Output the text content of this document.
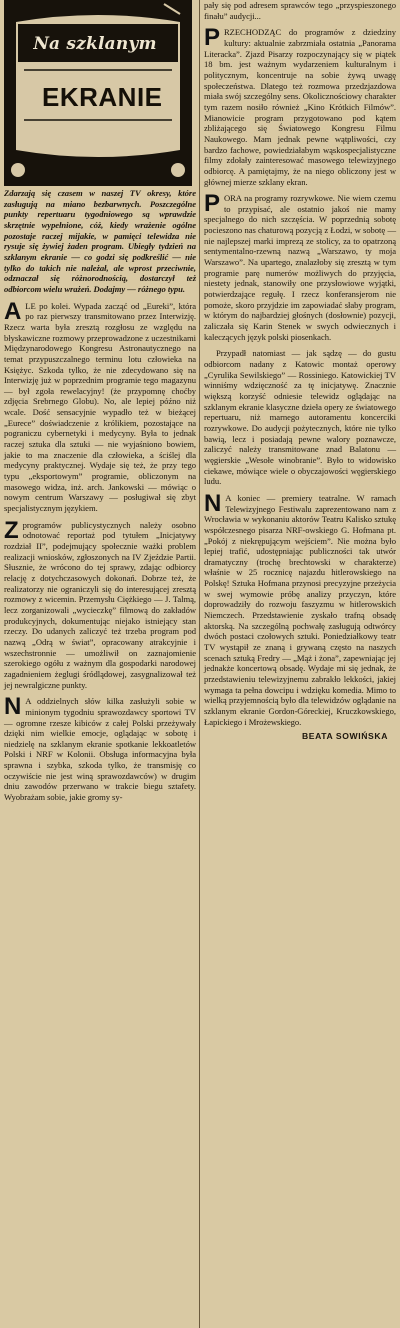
Na szklanym
EKRANIE

Zdarzają się czasem w naszej TV okresy, które zasługują na miano bezbarwnych. Poszczególne punkty repertuaru tygodniowego są wprawdzie skrzętnie wypełnione, cóż, kiedy wrażenie ogólne pozostaje raczej mijakie, w pamięci telewidza nie rysuje się żywiej żaden program. Ubiegły tydzień na szklanym ekranie — co godzi się podkreślić — nie tylko do takich nie należał, ale wprost przeciwnie, odznaczał się różnorodnością, dostarczył też odbiorcom wielu wrażeń. Dodajmy — różnego typu.

ALE po kolei. Wypada zacząć od „Eureki”, która po raz pierwszy transmitowano przez Interwizję. Rzecz warta była zresztą rozgłosu ze względu na błyskawiczne rozmowy przeprowadzone z uczestnikami Międzynarodowego Kongresu Astronautycznego na temat przypuszczalnego terminu lotu człowieka na Księżyc. Szkoda tylko, że nie zdecydowano się na Interwizję już w poprzednim programie tego magazynu — był zgoła rewelacyjny! (że przypomnę choćby zdjęcia Srebrnego Globu). No, ale lepiej późno niż wcale. Dość sensacyjnie wypadło też w bieżącej „Eurece” doświadczenie z królikiem, pozostające na pograniczu cybernetyki i medycyny. Była to jednak raczej sztuka dla sztuki — nie wyjaśniono bowiem, jakie to ma znaczenie dla człowieka, a ściślej dla medycyny praktycznej. Wydaje się też, że przy tego typu „eksportowym” programie, obliczonym na masowego widza, inż. arch. Jankowski — mówiąc o nowym centrum Warszawy — posługiwał się zbyt specjalistycznym językiem.

Zprogramów publicystycznych należy osobno odnotować reportaż pod tytułem „Inicjatywy rozdział II”, podejmujący społecznie ważki problem realizacji wniosków, zgłoszonych na IV Zjeździe Partii. Słusznie, że wrócono do tej sprawy, zdając odbiorcy relację z dotychczasowych dokonań. Dobrze też, że realizatorzy nie ograniczyli się do interesującej zresztą rozmowy z wicemin. Przemysłu Ciężkiego — J. Talmą, lecz zorganizowali „wycieczkę” filmową do zakładów produkcyjnych, dokumentując niejako istniejący stan rzeczy. Do udanych zaliczyć też trzeba program pod nazwą „Odrą w świat”, opracowany atrakcyjnie i wszechstronnie — umożliwił on zaznajomienie szerokiego ogółu z ważnym dla gospodarki narodowej zagadnieniem żeglugi śródlądowej, zasygnalizował też jej newralgiczne punkty.

N A oddzielnych słów kilka zasłużyli sobie w minionym tygodniu sprawozdawcy sportowi TV — ogromne rzesze kibiców z całej Polski przeżywały dzięki nim wielkie emocje, oglądając w sobotę i niedzielę na szklanym ekranie spotkanie lekkoatletów Polski i NRF w Kolonii. Obsługa informacyjna była sprawna i szybka, szkoda tylko, że transmisję co oczywiście nie jest winą sprawozdawców) w drugim dniu zawodów przerwano w trakcie biegu sztafety. Wyobrażam sobie, jakie gromy sy-

pały się pod adresem sprawców tego „przyspieszonego finału” audycji...

PRZECHODZĄC do programów z dziedziny kultury: aktualnie zabrzmiała ostatnia „Panorama Literacka”. Zjazd Pisarzy rozpoczynający się w piątek 18 bm. jest ważnym wydarzeniem kulturalnym i politycznym, koncentruje na sobie żywą uwagę społeczeństwa. Dlatego też rozmowa przedzjazdowa miała swój szczególny sens. Okolicznościowy charakter tym razem nosiło również „Kino Krótkich Filmów”. Mianowicie program przygotowano pod kątem zbliżającego się Światowego Kongresu Filmu Naukowego. Mam jednak pewne wątpliwości, czy bardzo fachowe, powiedziałabym wąskospecjalistyczne filmy zdołały zainteresować masowego telewizyjnego odbiorcę. A pamiętajmy, że na niego obliczony jest w głównej mierze szklany ekran.

PORA na programy rozrywkowe. Nie wiem czemu to przypisać, ale ostatnio jakoś nie mamy specjalnego do nich szczęścia. W poprzednią sobotę pocieszono nas chaturową pozycją z Łodzi, w sobotę — nie najlepszej marki imprezą ze stolicy, za to opatrzoną sentymentalno-rzewną nazwą „Warszawo, ty moja Warszawo”. Na upartego, znalazłoby się zresztą w tym programie parę numerów możliwych do przyjęcia, niestety jednak, stanowiły one przysłowiowe wyjątki, potwierdzające regułę. I rzecz konferansjerom nie pomoże, skoro przyjdzie im zapowiadać słaby program, w którym do najbardziej głośnych (dosłownie) pozycji, zaliczała się Karin Stenek w swych odwiecznych i kaleczących język polski piosenkach.

Przypadł natomiast — jak sądzę — do gustu odbiorcom nadany z Katowic montaż operowy „Cyrulika Sewilskiego” — Rossiniego. Katowickiej TV winniśmy wdzięczność za tę inicjatywę. Znacznie większą korzyść odniesie telewidz oglądając na szklanym ekranie klasyczne dzieła opery ze światowego repertuaru, niż marnego autoramentu koncerciki rozrywkowe. Do audycji pożytecznych, które nie tylko bawią, lecz i posiadają pewne walory poznawcze, zaliczyć należy transmitowane znad Balatonu — węgierskie „Wesołe winobranie”. Było to widowisko ciekawe, mówiące wiele o obyczajowości węgierskiego ludu.

N A koniec — premiery teatralne. W ramach Telewizyjnego Festiwalu zaprezentowano nam z Wrocławia w wykonaniu aktorów Teatru Kalisko sztukę współczesnego pisarza NRF-owskiego G. Hofmana pt. „Pokój z niekrępującym wejściem”. Nie można było lepiej trafić, udostępniając publiczności tak utwór dramatyczny (trochę brechtowski w charakterze) właśnie w 25 rocznicę najazdu hitlerowskiego na Polskę! Sztuka Hofmana przynosi precyzyjne przeżycia w swej wymowie próbę analizy przyczyn, które doprowadziły do rozwoju faszyzmu w hitlerowskich Niemczech. Przedstawienie zyskało trafną obsadę aktorską. Na szczególną pochwałę zasługują odtwórcy dwóch postaci czołowych sztuki. Poniedziałkowy teatr TV wystąpił ze znaną i grywaną często na naszych scenach sztuką Fredry — „Mąż i żona”, zapewniając jej jednakże koncertową obsadę. Wydaje mi się jednak, że przedstawieniu telewizyjnemu zabrakło lekkości, jakiej wymaga ta pełna dowcipu i wdzięku komedia. Mimo to wielką przyjemnością było dla telewidzów oglądanie na szklanym ekranie Gordon-Góreckiej, Kruczkowskiego, Łapickiego i Mrożewskiego.

BEATA SOWIŃSKA
